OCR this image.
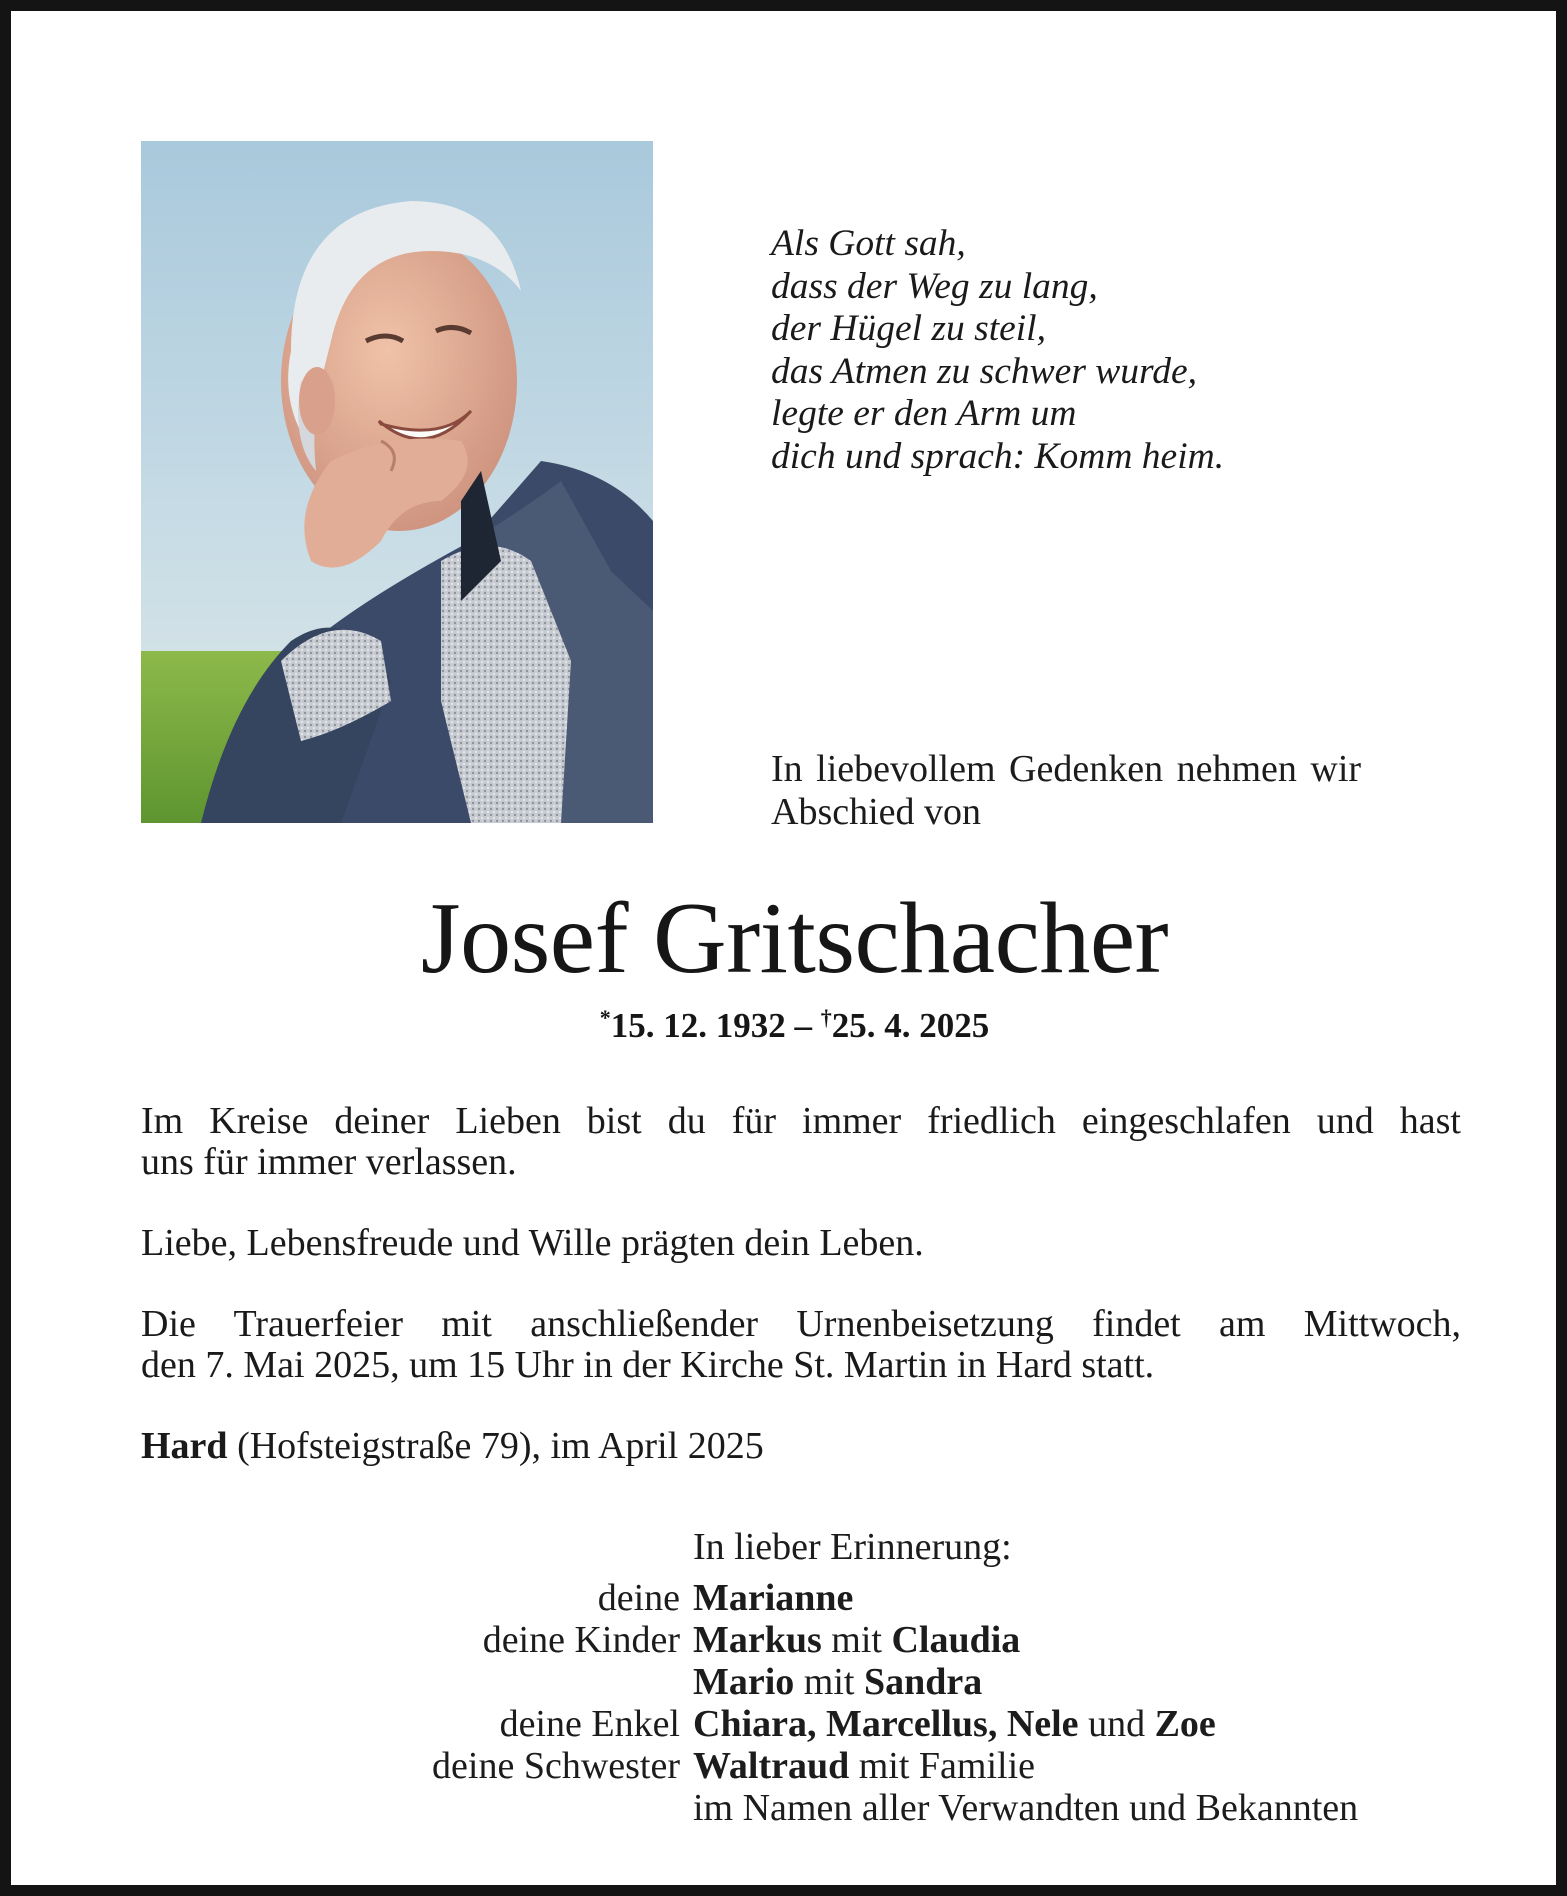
Als Gott sah,
dass der Weg zu lang,
der Hügel zu steil,
das Atmen zu schwer wurde,
legte er den Arm um
dich und sprach: Komm heim.
In liebevollem Gedenken nehmen wir
Abschied von
Josef Gritschacher
*15. 12. 1932 – †25. 4. 2025

Im Kreise deiner Lieben bist du für immer friedlich eingeschlafen und hast

uns für immer verlassen.

Liebe, Lebensfreude und Wille prägten dein Leben.

Die Trauerfeier mit anschließender Urnenbeisetzung findet am Mittwoch,

den 7. Mai 2025, um 15 Uhr in der Kirche St. Martin in Hard statt.

Hard (Hofsteigstraße 79), im April 2025

In lieber Erinnerung:
deine Marianne
deine Kinder Markus mit Claudia
Mario mit Sandra
deine Enkel Chiara, Marcellus, Nele und Zoe
deine Schwester Waltraud mit Familie
im Namen aller Verwandten und Bekannten
